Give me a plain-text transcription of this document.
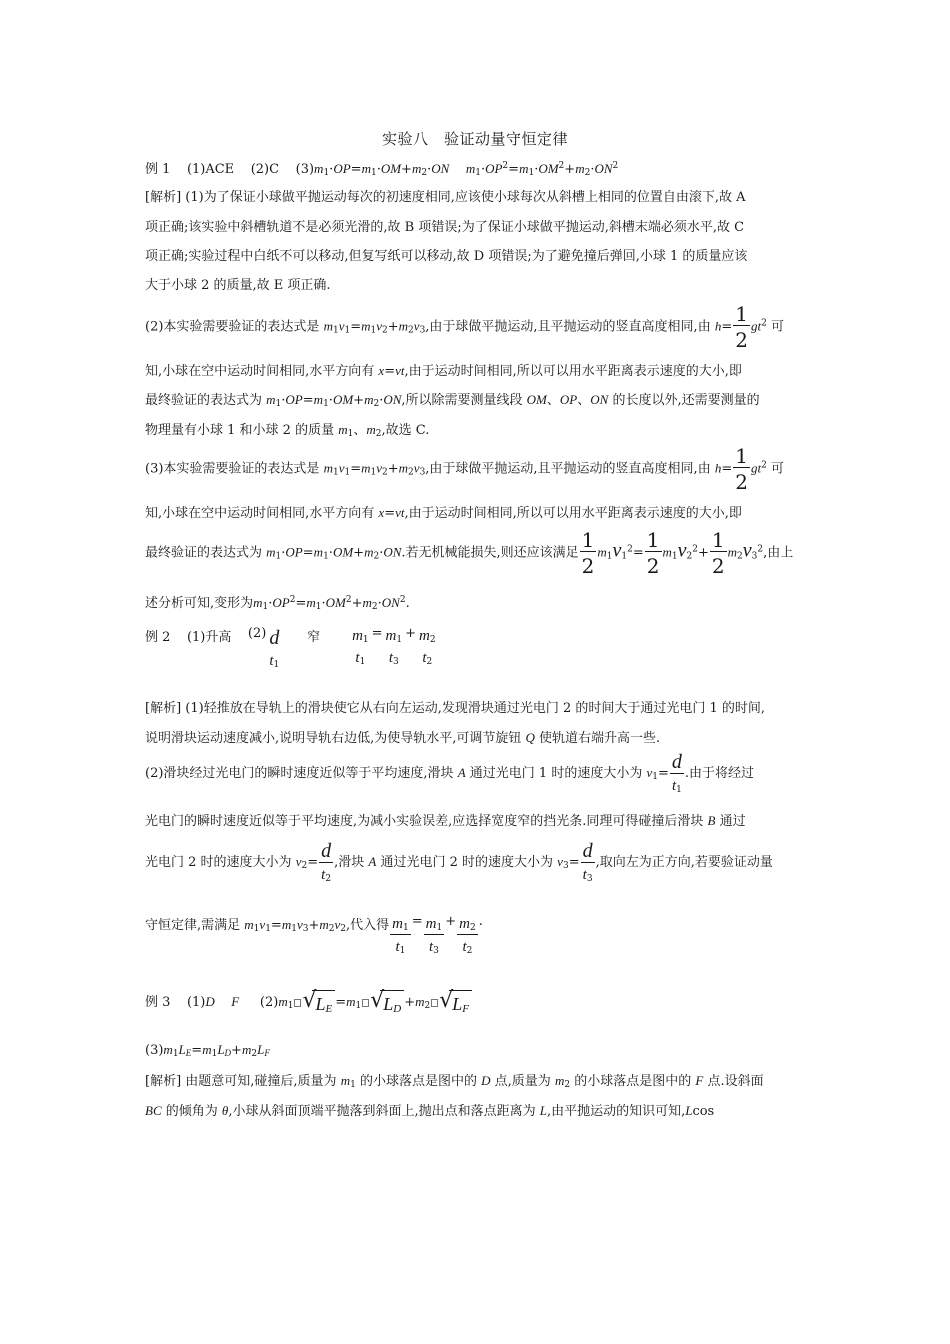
实验八　验证动量守恒定律
例 1 (1)ACE (2)C $(3)m_1\cdot OP=m_1\cdot OM+m_2\cdot ON$ $m_1\cdot OP^2=m_1\cdot OM^2+m_2\cdot ON^2$
[解析] (1)为了保证小球做平抛运动每次的初速度相同,应该使小球每次从斜槽上相同的位置自由滚下,故 A
项正确;该实验中斜槽轨道不是必须光滑的,故 B 项错误;为了保证小球做平抛运动,斜槽末端必须水平,故 C
项正确;实验过程中白纸不可以移动,但复写纸可以移动,故 D 项错误;为了避免撞后弹回,小球 1 的质量应该
大于小球 2 的质量,故 E 项正确.
(2)本实验需要验证的表达式是 $m_1v_1=m_1v_2+m_2v_3$,由于球做平抛运动,且平抛运动的竖直高度相同,由 $h= \frac{1}{2} gt^2$ 可
知,小球在空中运动时间相同,水平方向有 x=vt,由于运动时间相同,所以可以用水平距离表示速度的大小,即
最终验证的表达式为 $m_1\cdot OP=m_1\cdot OM+m_2\cdot ON$,所以除需要测量线段 OM、OP、ON 的长度以外,还需要测量的
物理量有小球 1 和小球 2 的质量 $m_1$、$m_2$,故选 C.
(3)本实验需要验证的表达式是 $m_1v_1=m_1v_2+m_2v_3$,由于球做平抛运动,且平抛运动的竖直高度相同,由 $h= \frac{1}{2} gt^2$ 可
知,小球在空中运动时间相同,水平方向有 x=vt,由于运动时间相同,所以可以用水平距离表示速度的大小,即
最终验证的表达式为 $m_1\cdot OP=m_1\cdot OM+m_2\cdot ON$.若无机械能损失,则还应该满足 $\frac{1}{2} m_1v_1^2= \frac{1}{2} m_1v_2^2+ \frac{1}{2} m_2v_3^2$,由上
述分析可知,变形为$m_1\cdot OP^2=m_1\cdot OM^2+m_2\cdot ON^2$.
例 2 (1)升高 (2) d
$t_1$
窄 $m_1$
$t_1$
= $m_1$
$t_3$
+ $m_2$
$t_2$
[解析] (1)轻推放在导轨上的滑块使它从右向左运动,发现滑块通过光电门 2 的时间大于通过光电门 1 的时间,
说明滑块运动速度减小,说明导轨右边低,为使导轨水平,可调节旋钮 Q 使轨道右端升高一些.
(2)滑块经过光电门的瞬时速度近似等于平均速度,滑块 A 通过光电门 1 时的速度大小为 $v_1= \frac{d}{t_1}$ .由于将经过
光电门的瞬时速度近似等于平均速度,为减小实验误差,应选择宽度窄的挡光条.同理可得碰撞后滑块 B 通过
光电门 2 时的速度大小为 $v_2= \frac{d}{t_2}$ ,滑块 A 通过光电门 2 时的速度大小为 $v_3= \frac{d}{t_3}$ ,取向左为正方向,若要验证动量
守恒定律,需满足 $m_1v_1=m_1v_3+m_2v_2$,代入得 $\frac{m_1}{t_1} = \frac{m_1}{t_3} + \frac{m_2}{t_2}$ .
例 3 (1)D F $(2)m_1$ √
$L_E =m_1$ √
$L_D +m_2$ √
$L_F$
$(3)m_1L_E=m_1L_D+m_2L_F$
[解析] 由题意可知,碰撞后,质量为 $m_1$ 的小球落点是图中的 D 点,质量为 $m_2$ 的小球落点是图中的 F 点.设斜面
BC 的倾角为 θ,小球从斜面顶端平抛落到斜面上,抛出点和落点距离为 L,由平抛运动的知识可知,Lcos
